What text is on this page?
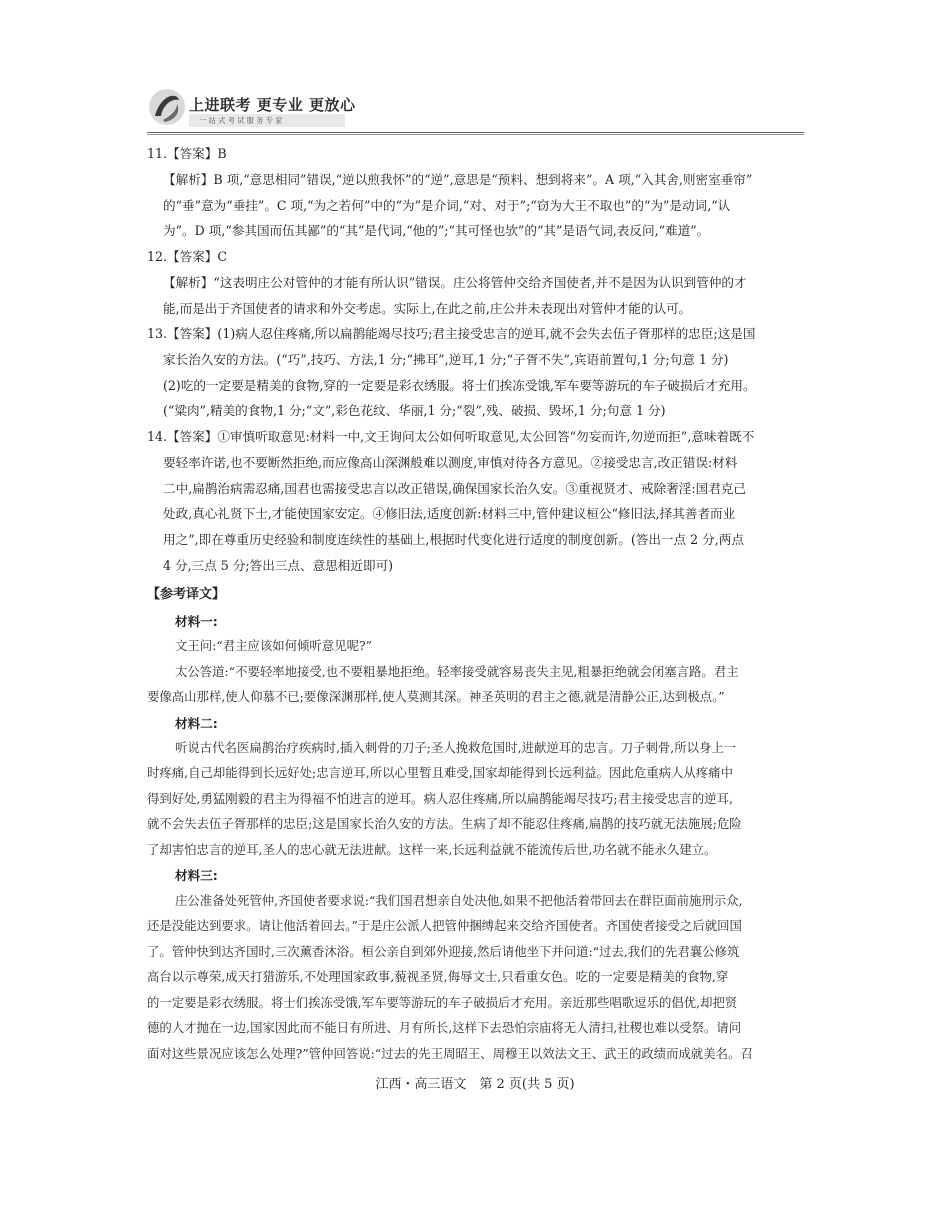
上进联考 更专业 更放心
一站式考试服务专家
11.【答案】B
【解析】B 项,“意思相同”错误,“逆以煎我怀”的“逆”,意思是“预料、想到将来”。A 项,“入其舍,则密室垂帘”
的“垂”意为“垂挂”。C 项,“为之若何”中的“为”是介词,“对、对于”;“窃为大王不取也”的“为”是动词,“认
为”。D 项,“参其国而伍其鄙”的“其”是代词,“他的”;“其可怪也欤”的“其”是语气词,表反问,“难道”。
12.【答案】C
【解析】“这表明庄公对管仲的才能有所认识”错误。庄公将管仲交给齐国使者,并不是因为认识到管仲的才
能,而是出于齐国使者的请求和外交考虑。实际上,在此之前,庄公并未表现出对管仲才能的认可。
13.【答案】(1)病人忍住疼痛,所以扁鹊能竭尽技巧;君主接受忠言的逆耳,就不会失去伍子胥那样的忠臣;这是国
家长治久安的方法。(“巧”,技巧、方法,1 分;“拂耳”,逆耳,1 分;“子胥不失”,宾语前置句,1 分;句意 1 分)
(2)吃的一定要是精美的食物,穿的一定要是彩衣绣服。将士们挨冻受饿,军车要等游玩的车子破损后才充用。
(“粱肉”,精美的食物,1 分;“文”,彩色花纹、华丽,1 分;“裂”,残、破损、毁坏,1 分;句意 1 分)
14.【答案】①审慎听取意见:材料一中,文王询问太公如何听取意见,太公回答“勿妄而许,勿逆而拒”,意味着既不
要轻率许诺,也不要断然拒绝,而应像高山深渊般难以测度,审慎对待各方意见。②接受忠言,改正错误:材料
二中,扁鹊治病需忍痛,国君也需接受忠言以改正错误,确保国家长治久安。③重视贤才、戒除奢淫:国君克己
处政,真心礼贤下士,才能使国家安定。④修旧法,适度创新:材料三中,管仲建议桓公“修旧法,择其善者而业
用之”,即在尊重历史经验和制度连续性的基础上,根据时代变化进行适度的制度创新。(答出一点 2 分,两点
4 分,三点 5 分;答出三点、意思相近即可)
【参考译文】
材料一:
文王问:“君主应该如何倾听意见呢?”
太公答道:“不要轻率地接受,也不要粗暴地拒绝。轻率接受就容易丧失主见,粗暴拒绝就会闭塞言路。君主
要像高山那样,使人仰慕不已;要像深渊那样,使人莫测其深。神圣英明的君主之德,就是清静公正,达到极点。”
材料二:
听说古代名医扁鹊治疗疾病时,插入刺骨的刀子;圣人挽救危国时,进献逆耳的忠言。刀子刺骨,所以身上一
时疼痛,自己却能得到长远好处;忠言逆耳,所以心里暂且难受,国家却能得到长远利益。因此危重病人从疼痛中
得到好处,勇猛刚毅的君主为得福不怕进言的逆耳。病人忍住疼痛,所以扁鹊能竭尽技巧;君主接受忠言的逆耳,
就不会失去伍子胥那样的忠臣;这是国家长治久安的方法。生病了却不能忍住疼痛,扁鹊的技巧就无法施展;危险
了却害怕忠言的逆耳,圣人的忠心就无法进献。这样一来,长远利益就不能流传后世,功名就不能永久建立。
材料三:
庄公准备处死管仲,齐国使者要求说:“我们国君想亲自处决他,如果不把他活着带回去在群臣面前施刑示众,
还是没能达到要求。请让他活着回去。”于是庄公派人把管仲捆缚起来交给齐国使者。齐国使者接受之后就回国
了。管仲快到达齐国时,三次薰香沐浴。桓公亲自到郊外迎接,然后请他坐下并问道:“过去,我们的先君襄公修筑
高台以示尊荣,成天打猎游乐,不处理国家政事,藐视圣贤,侮辱文士,只看重女色。吃的一定要是精美的食物,穿
的一定要是彩衣绣服。将士们挨冻受饿,军车要等游玩的车子破损后才充用。亲近那些唱歌逗乐的倡优,却把贤
德的人才抛在一边,国家因此而不能日有所进、月有所长,这样下去恐怕宗庙将无人清扫,社稷也难以受祭。请问
面对这些景况应该怎么处理?”管仲回答说:“过去的先王周昭王、周穆王以效法文王、武王的政绩而成就美名。召
江西・高三语文　第 2 页(共 5 页)
